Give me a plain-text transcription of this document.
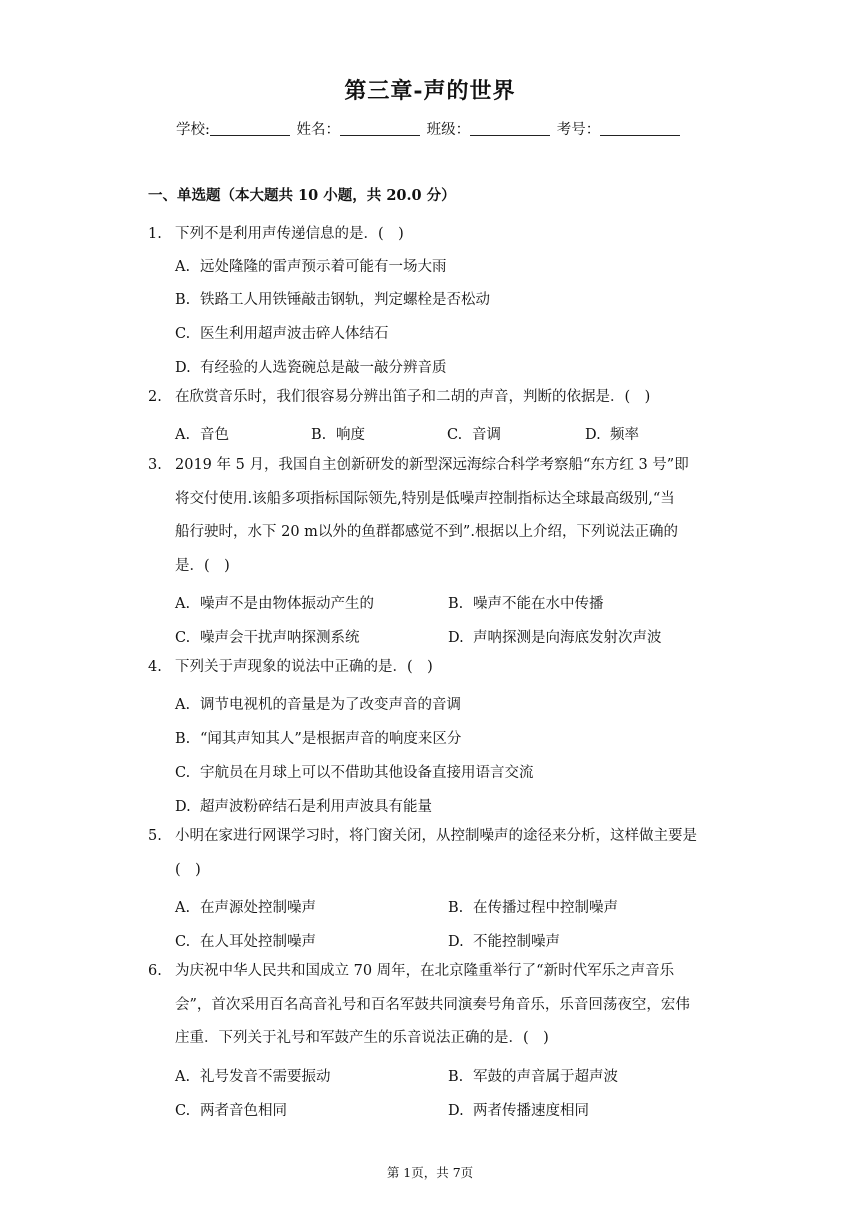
第三章-声的世界
学校:	姓名：	班级：	考号：
一、单选题（本大题共 10 小题，共 20.0 分）
1. 下列不是利用声传递信息的是．(　)
A. 远处隆隆的雷声预示着可能有一场大雨
B. 铁路工人用铁锤敲击钢轨，判定螺栓是否松动
C. 医生利用超声波击碎人体结石
D. 有经验的人选瓷碗总是敲一敲分辨音质
2. 在欣赏音乐时，我们很容易分辨出笛子和二胡的声音，判断的依据是．(　)
A. 音色	B. 响度	C. 音调	D. 频率
3. 2019 年 5 月，我国自主创新研发的新型深远海综合科学考察船“东方红 3 号”即
将交付使用.该船多项指标国际领先,特别是低噪声控制指标达全球最高级别,“当
船行驶时，水下 20 m以外的鱼群都感觉不到”.根据以上介绍，下列说法正确的
是．(　)
A. 噪声不是由物体振动产生的	B. 噪声不能在水中传播
C. 噪声会干扰声呐探测系统	D. 声呐探测是向海底发射次声波
4. 下列关于声现象的说法中正确的是．(　)
A. 调节电视机的音量是为了改变声音的音调
B. “闻其声知其人”是根据声音的响度来区分
C. 宇航员在月球上可以不借助其他设备直接用语言交流
D. 超声波粉碎结石是利用声波具有能量
5. 小明在家进行网课学习时，将门窗关闭，从控制噪声的途径来分析，这样做主要是
(　)
A. 在声源处控制噪声	B. 在传播过程中控制噪声
C. 在人耳处控制噪声	D. 不能控制噪声
6. 为庆祝中华人民共和国成立 70 周年，在北京隆重举行了“新时代军乐之声音乐
会”，首次采用百名高音礼号和百名军鼓共同演奏号角音乐，乐音回荡夜空，宏伟
庄重．下列关于礼号和军鼓产生的乐音说法正确的是．(　)
A. 礼号发音不需要振动	B. 军鼓的声音属于超声波
C. 两者音色相同	D. 两者传播速度相同
第 1页，共 7页
